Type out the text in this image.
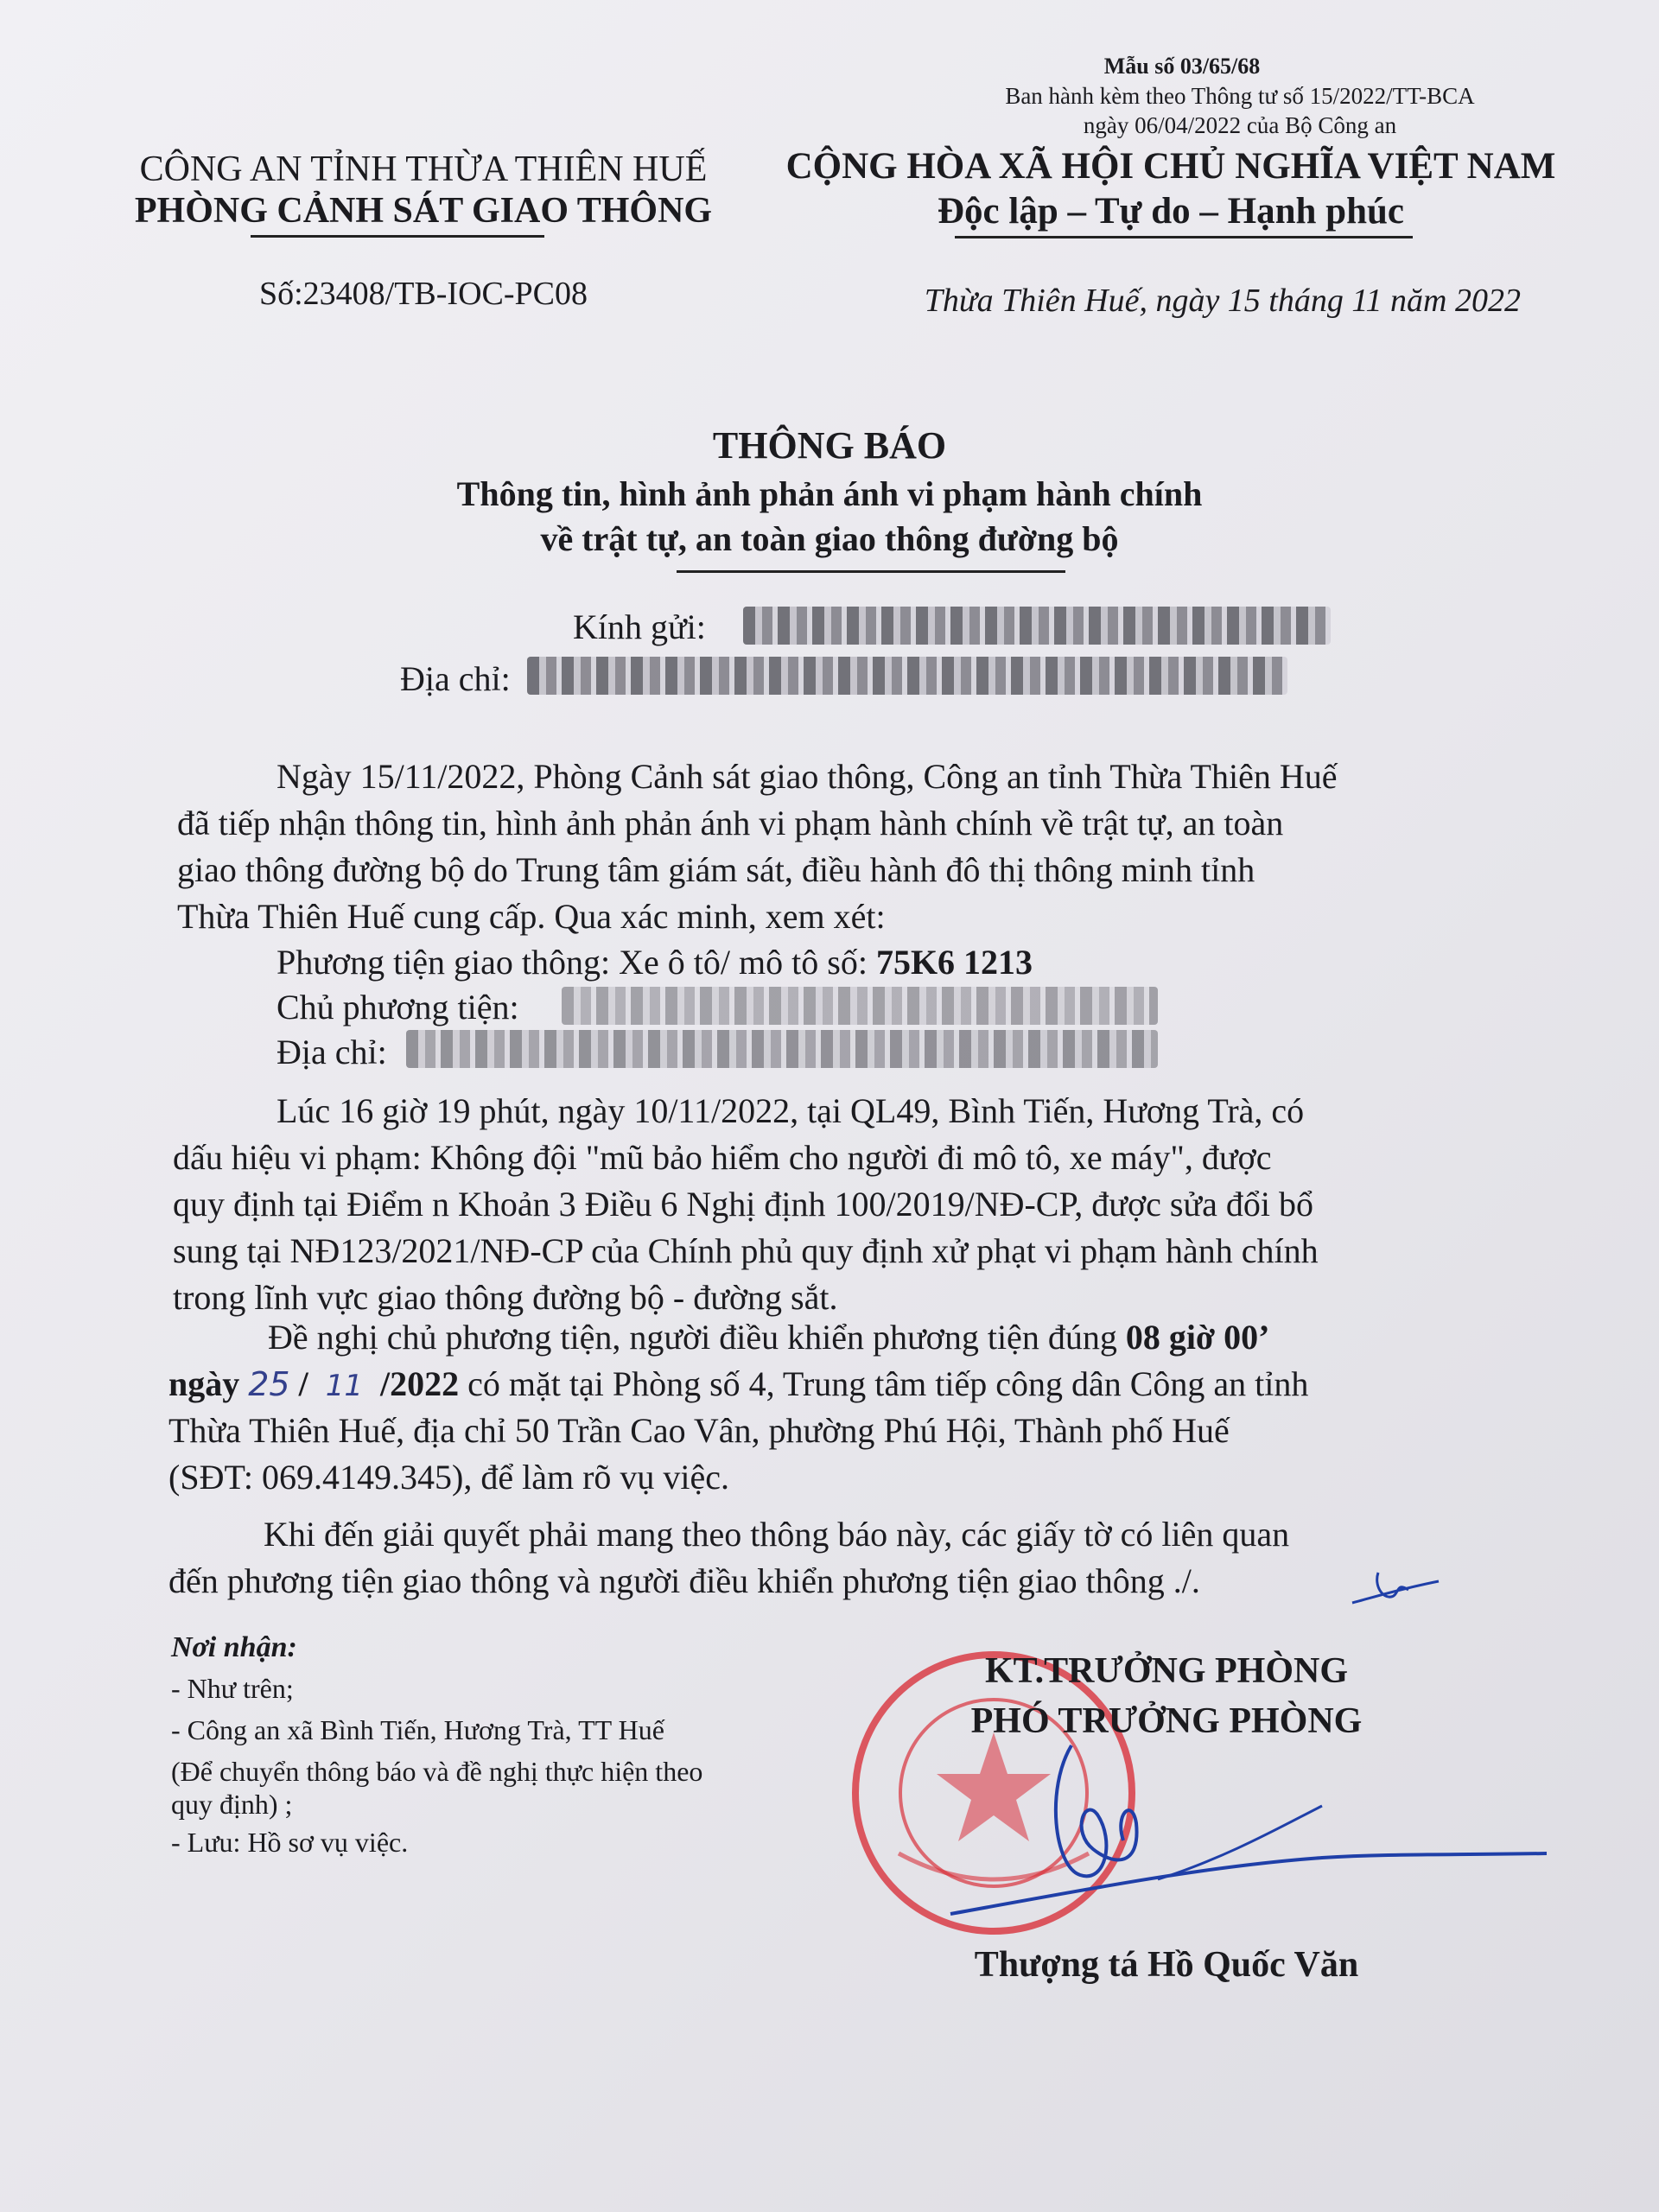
Mẫu số 03/65/68
Ban hành kèm theo Thông tư số 15/2022/TT-BCA
ngày 06/04/2022 của Bộ Công an
CÔNG AN TỈNH THỪA THIÊN HUẾ
PHÒNG CẢNH SÁT GIAO THÔNG
Số:23408/TB-IOC-PC08
CỘNG HÒA XÃ HỘI CHỦ NGHĨA VIỆT NAM
Độc lập – Tự do – Hạnh phúc
Thừa Thiên Huế, ngày 15 tháng 11 năm 2022
THÔNG BÁO
Thông tin, hình ảnh phản ánh vi phạm hành chính
về trật tự, an toàn giao thông đường bộ
Kính gửi:
Địa chỉ:
Ngày 15/11/2022, Phòng Cảnh sát giao thông, Công an tỉnh Thừa Thiên Huế
đã tiếp nhận thông tin, hình ảnh phản ánh vi phạm hành chính về trật tự, an toàn
giao thông đường bộ do Trung tâm giám sát, điều hành đô thị thông minh tỉnh
Thừa Thiên Huế cung cấp. Qua xác minh, xem xét:
Phương tiện giao thông: Xe ô tô/ mô tô số: 75K6 1213
Chủ phương tiện:
Địa chỉ:
Lúc 16 giờ 19 phút, ngày 10/11/2022, tại QL49, Bình Tiến, Hương Trà, có
dấu hiệu vi phạm: Không đội "mũ bảo hiểm cho người đi mô tô, xe máy", được
quy định tại Điểm n Khoản 3 Điều 6 Nghị định 100/2019/NĐ-CP, được sửa đổi bổ
sung tại NĐ123/2021/NĐ-CP của Chính phủ quy định xử phạt vi phạm hành chính
trong lĩnh vực giao thông đường bộ - đường sắt.
Đề nghị chủ phương tiện, người điều khiển phương tiện đúng 08 giờ 00’
ngày 25 / 11 /2022 có mặt tại Phòng số 4, Trung tâm tiếp công dân Công an tỉnh
Thừa Thiên Huế, địa chỉ 50 Trần Cao Vân, phường Phú Hội, Thành phố Huế
(SĐT: 069.4149.345), để làm rõ vụ việc.
Khi đến giải quyết phải mang theo thông báo này, các giấy tờ có liên quan
đến phương tiện giao thông và người điều khiển phương tiện giao thông ./.
Nơi nhận:
- Như trên;
- Công an xã Bình Tiến, Hương Trà, TT Huế
(Để chuyển thông báo và đề nghị thực hiện theo
quy định) ;
- Lưu: Hồ sơ vụ việc.
KT.TRƯỞNG PHÒNG
PHÓ TRƯỞNG PHÒNG
Thượng tá Hồ Quốc Văn
